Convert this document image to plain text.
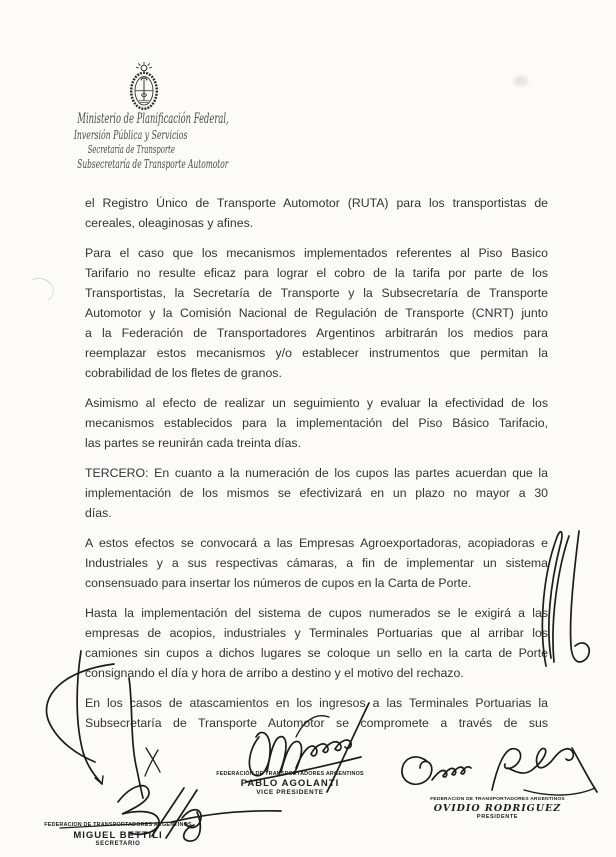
Ministerio de Planificación Federal,
Inversión Pública y Servicios
Secretaría de Transporte
Subsecretaría de Transporte Automotor
el Registro Único de Transporte Automotor (RUTA) para los transportistas de
cereales, oleaginosas y afines.
Para el caso que los mecanismos implementados referentes al Piso Basico
Tarifario no resulte eficaz para lograr el cobro de la tarifa por parte de los
Transportistas, la Secretaría de Transporte y la Subsecretaría de Transporte
Automotor y la Comisión Nacional de Regulación de Transporte (CNRT) junto
a la Federación de Transportadores Argentinos arbitrarán los medios para
reemplazar estos mecanismos y/o establecer instrumentos que permitan la
cobrabilidad de los fletes de granos.
Asimismo al efecto de realizar un seguimiento y evaluar la efectividad de los
mecanismos establecidos para la implementación del Piso Básico Tarifacio,
las partes se reunirán cada treinta días.
TERCERO: En cuanto a la numeración de los cupos las partes acuerdan que la
implementación de los mismos se efectivizará en un plazo no mayor a 30
días.
A estos efectos se convocará a las Empresas Agroexportadoras, acopiadoras e
Industriales y a sus respectivas cámaras, a fin de implementar un sistema
consensuado para insertar los números de cupos en la Carta de Porte.
Hasta la implementación del sistema de cupos numerados se le exigirá a las
empresas de acopios, industriales y Terminales Portuarias que al arribar los
camiones sin cupos a dichos lugares se coloque un sello en la carta de Porte
consignando el día y hora de arribo a destino y el motivo del rechazo.
En los casos de atascamientos en los ingresos a las Terminales Portuarias la
Subsecretaría de Transporte Automotor se compromete a través de sus
FEDERACION DE TRANSPORTADORES ARGENTINOS
MIGUEL BETTILI
SECRETARIO
FEDERACIÓN DE TRANSPORTADORES ARGENTINOS
PABLO AGOLANTI
VICE PRESIDENTE
FEDERACION DE TRANSPORTADORES ARGENTINOS
OVIDIO RODRIGUEZ
PRESIDENTE
